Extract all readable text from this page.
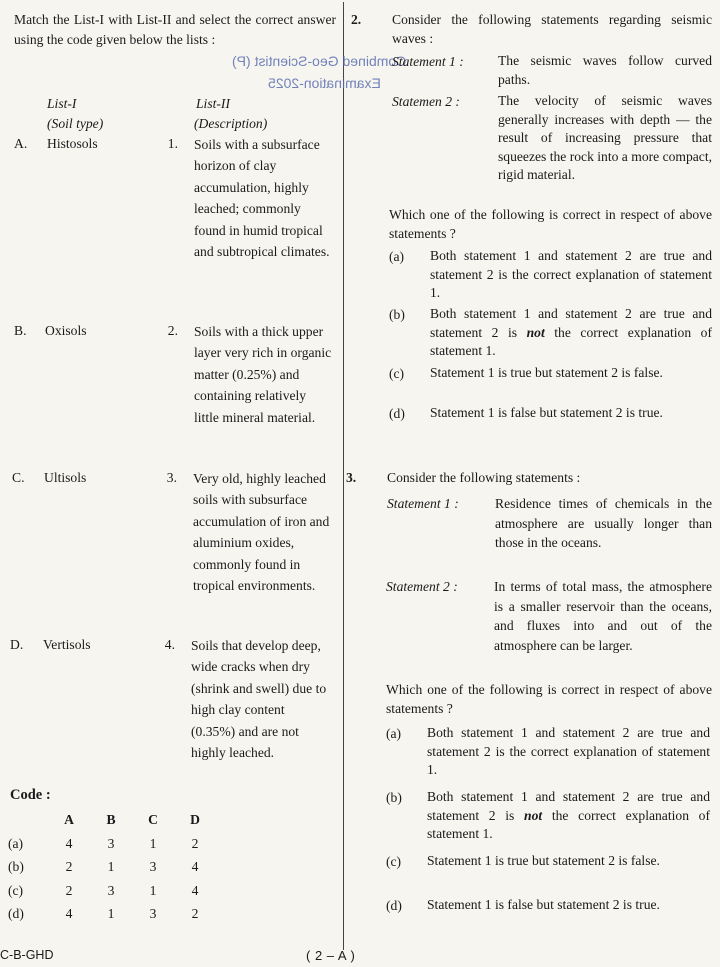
Match the List-I with List-II and select the correct answer using the code given below the lists :
List-I
(Soil type)
List-II
(Description)
A. Histosols	1. Soils with a subsurface horizon of clay accumulation, highly leached; commonly found in humid tropical and subtropical climates.
B. Oxisols	2. Soils with a thick upper layer very rich in organic matter (0.25%) and containing relatively little mineral material.
C. Ultisols	3. Very old, highly leached soils with subsurface accumulation of iron and aluminium oxides, commonly found in tropical environments.
D. Vertisols	4. Soils that develop deep, wide cracks when dry (shrink and swell) due to high clay content (0.35%) and are not highly leached.
Code :
	A	B	C	D
(a)	4	3	1	2
(b)	2	1	3	4
(c)	2	3	1	4
(d)	4	1	3	2
Combined Geo-Scientist (P)
Examination-2025
2. Consider the following statements regarding seismic waves :
Statement 1 :	The seismic waves follow curved paths.
Statemen 2 :	The velocity of seismic waves generally increases with depth — the result of increasing pressure that squeezes the rock into a more compact, rigid material.
Which one of the following is correct in respect of above statements ?
(a)	Both statement 1 and statement 2 are true and statement 2 is the correct explanation of statement 1.
(b)	Both statement 1 and statement 2 are true and statement 2 is not the correct explanation of statement 1.
(c)	Statement 1 is true but statement 2 is false.
(d)	Statement 1 is false but statement 2 is true.
3. Consider the following statements :
Statement 1 :	Residence times of chemicals in the atmosphere are usually longer than those in the oceans.
Statement 2 :	In terms of total mass, the atmosphere is a smaller reservoir than the oceans, and fluxes into and out of the atmosphere can be larger.
Which one of the following is correct in respect of above statements ?
(a)	Both statement 1 and statement 2 are true and statement 2 is the correct explanation of statement 1.
(b)	Both statement 1 and statement 2 are true and statement 2 is not the correct explanation of statement 1.
(c)	Statement 1 is true but statement 2 is false.
(d)	Statement 1 is false but statement 2 is true.
C-B-GHD	( 2 – A )
